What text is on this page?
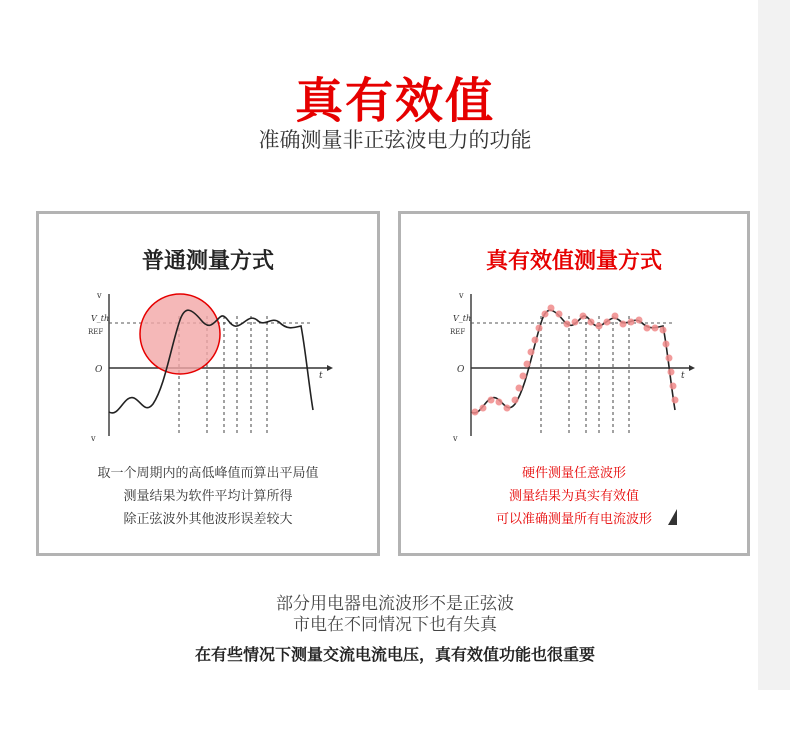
真有效值
准确测量非正弦波电力的功能
普通测量方式
v
V_th
REF
O
t
v
取一个周期内的高低峰值而算出平局值
测量结果为软件平均计算所得
除正弦波外其他波形误差较大
真有效值测量方式
v
V_th
REF
O
t
v
硬件测量任意波形
测量结果为真实有效值
可以准确测量所有电流波形
部分用电器电流波形不是正弦波
市电在不同情况下也有失真
在有些情况下测量交流电流电压，真有效值功能也很重要
